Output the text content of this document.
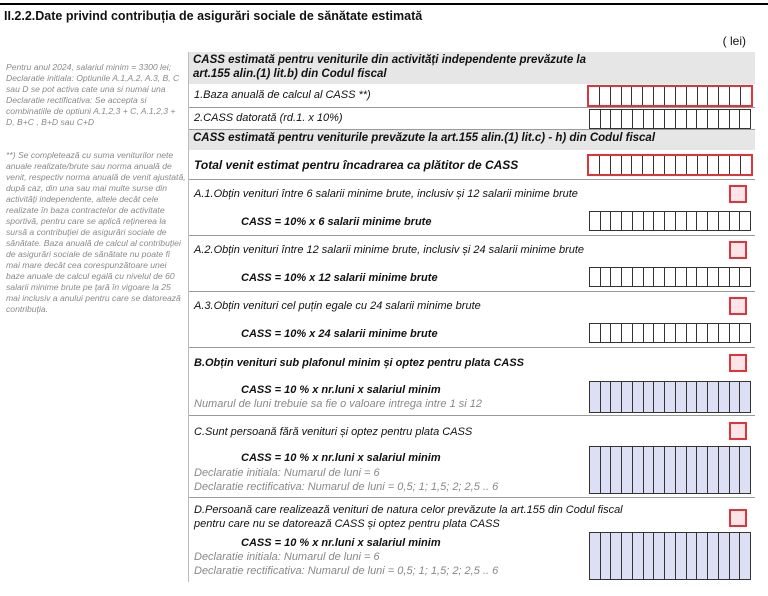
II.2.2.Date privind contribuția de asigurări sociale de sănătate estimată
( lei)
Pentru anul 2024, salariul minim = 3300 lei; Declaratie initiala: Optiunile A.1,A.2, A.3, B, C sau D se pot activa cate una si numai una Declaratie rectificativa: Se accepta si combinatiile de optiuni A.1,2,3 + C, A.1,2,3 + D, B+C , B+D sau C+D
**) Se completează cu suma veniturilor nete anuale realizate/brute sau norma anuală de venit, respectiv norma anuală de venit ajustată, după caz, din una sau mai multe surse din activităţi independente, altele decât cele realizate în baza contractelor de activitate sportivă, pentru care se aplică reţinerea la sursă a contribuţiei de asigurări sociale de sănătate. Baza anuală de calcul al contribuţiei de asigurări sociale de sănătate nu poate fi mai mare decât cea corespunzătoare unei baze anuale de calcul egală cu nivelul de 60 salarii minime brute pe ţară în vigoare la 25 mai inclusiv a anului pentru care se datorează contribuţia.
CASS estimată pentru veniturile din activități independente prevăzute la art.155 alin.(1) lit.b) din Codul fiscal
1.Baza anuală de calcul al CASS **)
2.CASS datorată (rd.1. x 10%)
CASS estimată pentru veniturile prevăzute la art.155 alin.(1) lit.c) - h) din Codul fiscal
Total venit estimat pentru încadrarea ca plătitor de CASS
A.1.Obțin venituri între 6 salarii minime brute, inclusiv și 12 salarii minime brute
CASS = 10% x 6 salarii minime brute
A.2.Obțin venituri între 12 salarii minime brute, inclusiv și 24 salarii minime brute
CASS = 10% x 12 salarii minime brute
A.3.Obțin venituri cel puțin egale cu 24 salarii minime brute
CASS = 10% x 24 salarii minime brute
B.Obțin venituri sub plafonul minim și optez pentru plata CASS
CASS = 10 % x nr.luni x salariul minim
Numarul de luni trebuie sa fie o valoare intrega intre 1 si 12
C.Sunt persoană fără venituri și optez pentru plata CASS
CASS = 10 % x nr.luni x salariul minim
Declaratie initiala: Numarul de luni = 6
Declaratie rectificativa: Numarul de luni = 0,5; 1; 1,5; 2; 2,5 .. 6
D.Persoană care realizează venituri de natura celor prevăzute la art.155 din Codul fiscal
pentru care nu se datorează CASS și optez pentru plata CASS
CASS = 10 % x nr.luni x salariul minim
Declaratie initiala: Numarul de luni = 6
Declaratie rectificativa: Numarul de luni = 0,5; 1; 1,5; 2; 2,5 .. 6
